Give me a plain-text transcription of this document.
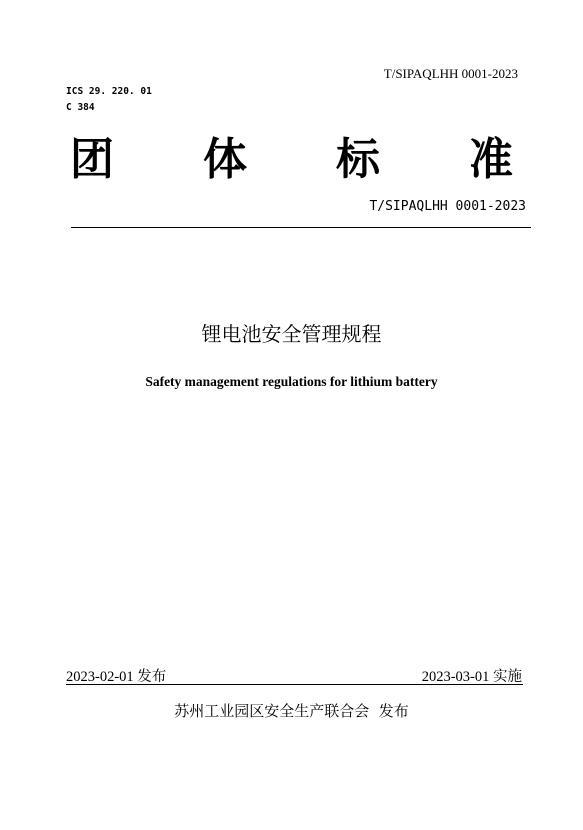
T/SIPAQLHH 0001-2023
ICS 29. 220. 01
C 384
团 体 标 准
T/SIPAQLHH 0001-2023
锂电池安全管理规程
Safety management regulations for lithium battery
2023-02-01 发布	2023-03-01 实施
苏州工业园区安全生产联合会  发布
